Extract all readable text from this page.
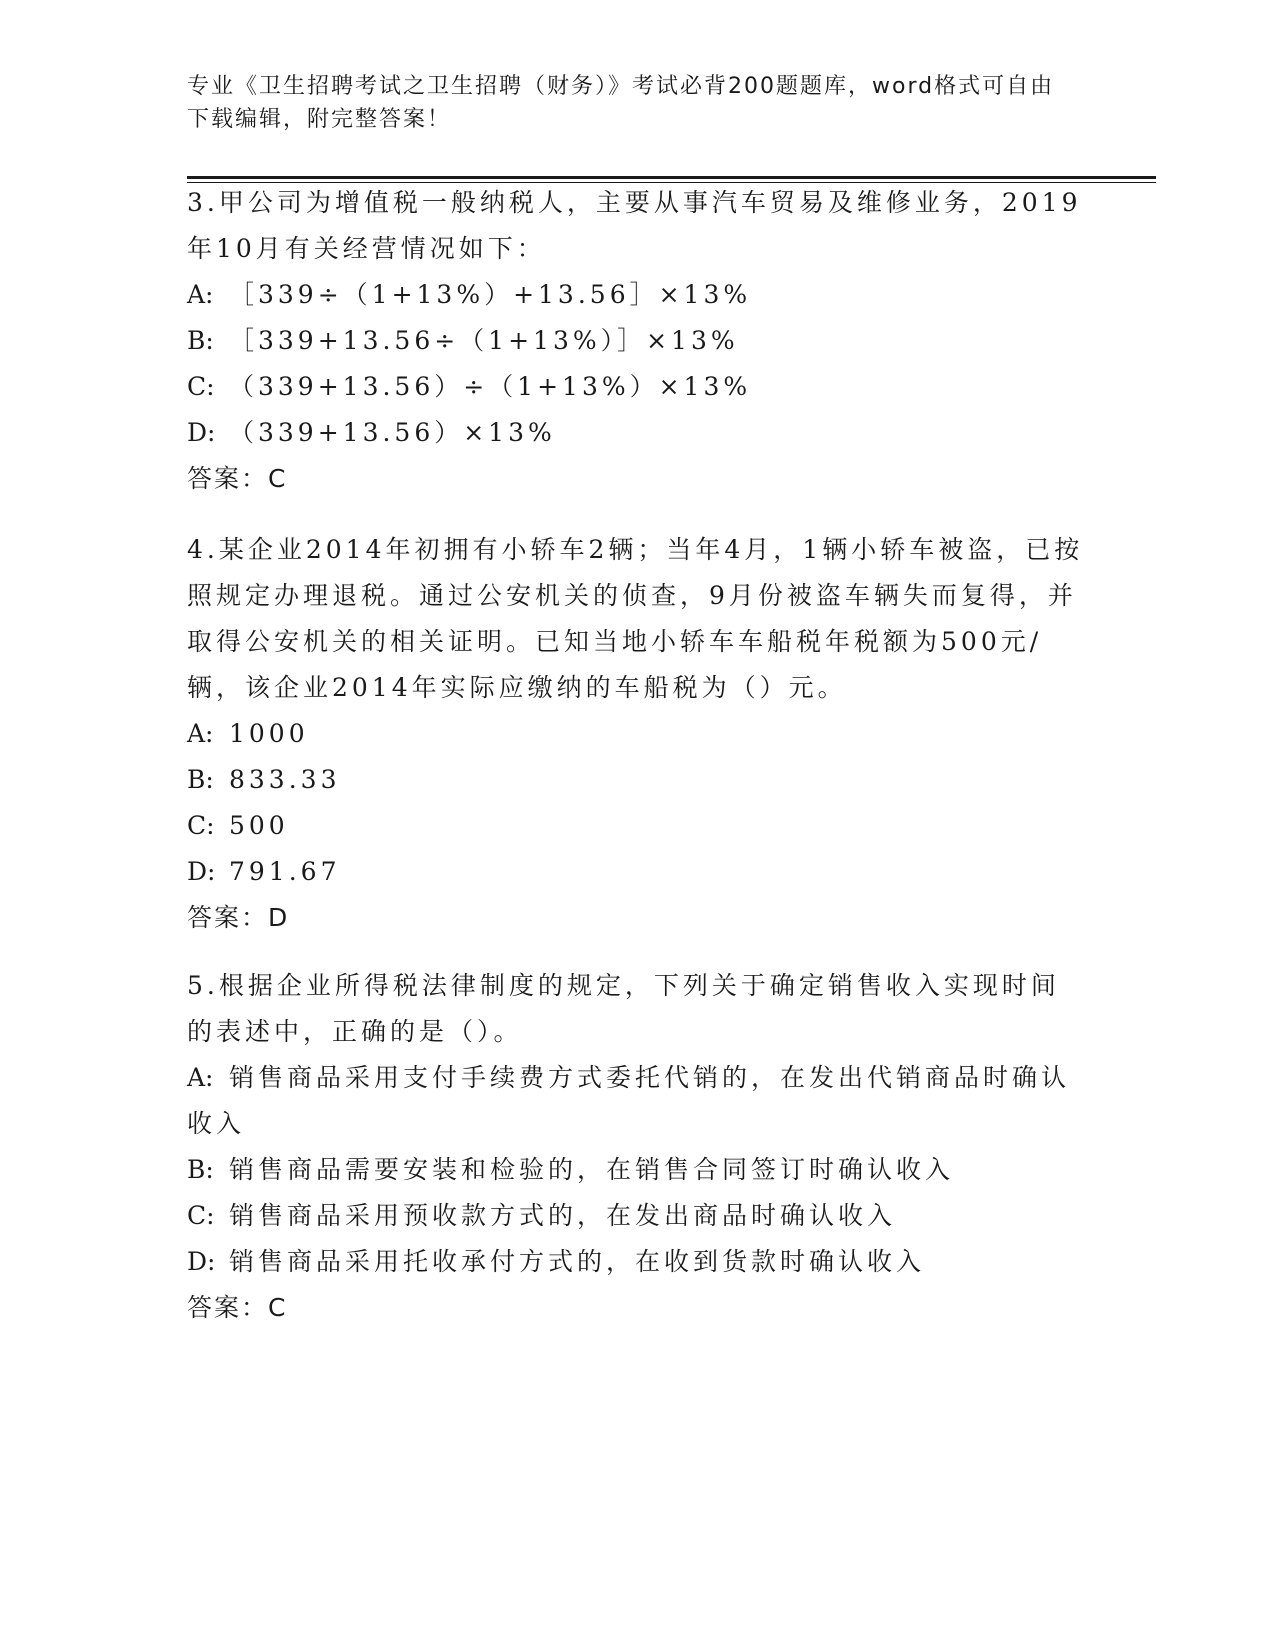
专业《卫生招聘考试之卫生招聘（财务）》考试必背200题题库，word格式可自由下载编辑，附完整答案！

3.甲公司为增值税一般纳税人，主要从事汽车贸易及维修业务，2019年10月有关经营情况如下：

A: ［339÷（1+13%）+13.56］×13%

B: ［339+13.56÷（1+13%）］×13%

C: （339+13.56）÷（1+13%）×13%

D: （339+13.56）×13%

答案：C

4.某企业2014年初拥有小轿车2辆；当年4月，1辆小轿车被盗，已按照规定办理退税。通过公安机关的侦查，9月份被盗车辆失而复得，并取得公安机关的相关证明。已知当地小轿车车船税年税额为500元/辆，该企业2014年实际应缴纳的车船税为（）元。

A: 1000

B: 833.33

C: 500

D: 791.67

答案：D

5.根据企业所得税法律制度的规定，下列关于确定销售收入实现时间的表述中，正确的是（）。

A: 销售商品采用支付手续费方式委托代销的，在发出代销商品时确认收入

B: 销售商品需要安装和检验的，在销售合同签订时确认收入

C: 销售商品采用预收款方式的，在发出商品时确认收入

D: 销售商品采用托收承付方式的，在收到货款时确认收入

答案：C
